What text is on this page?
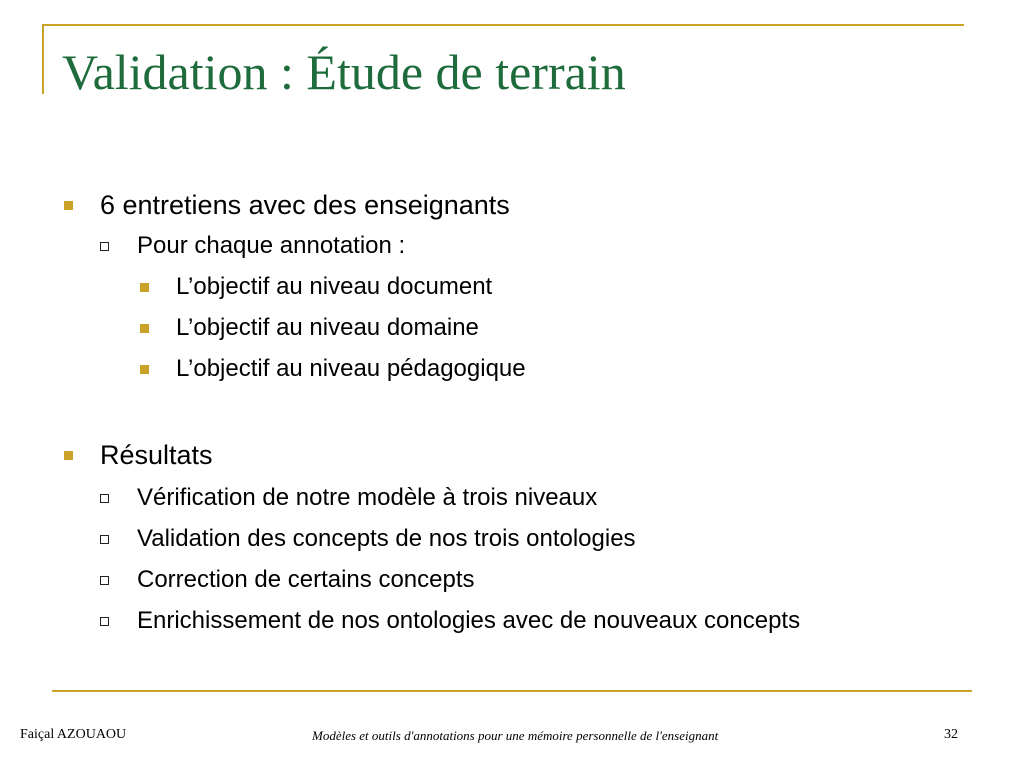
Validation : Étude de terrain
6 entretiens avec des enseignants
Pour chaque annotation :
L’objectif au niveau document
L’objectif au niveau domaine
L’objectif au niveau pédagogique
Résultats
Vérification de notre modèle à trois niveaux
Validation des concepts de nos trois ontologies
Correction de certains concepts
Enrichissement de nos ontologies avec de nouveaux concepts
Faiçal AZOUAOU	Modèles et outils d'annotations pour une mémoire personnelle de l'enseignant	32
